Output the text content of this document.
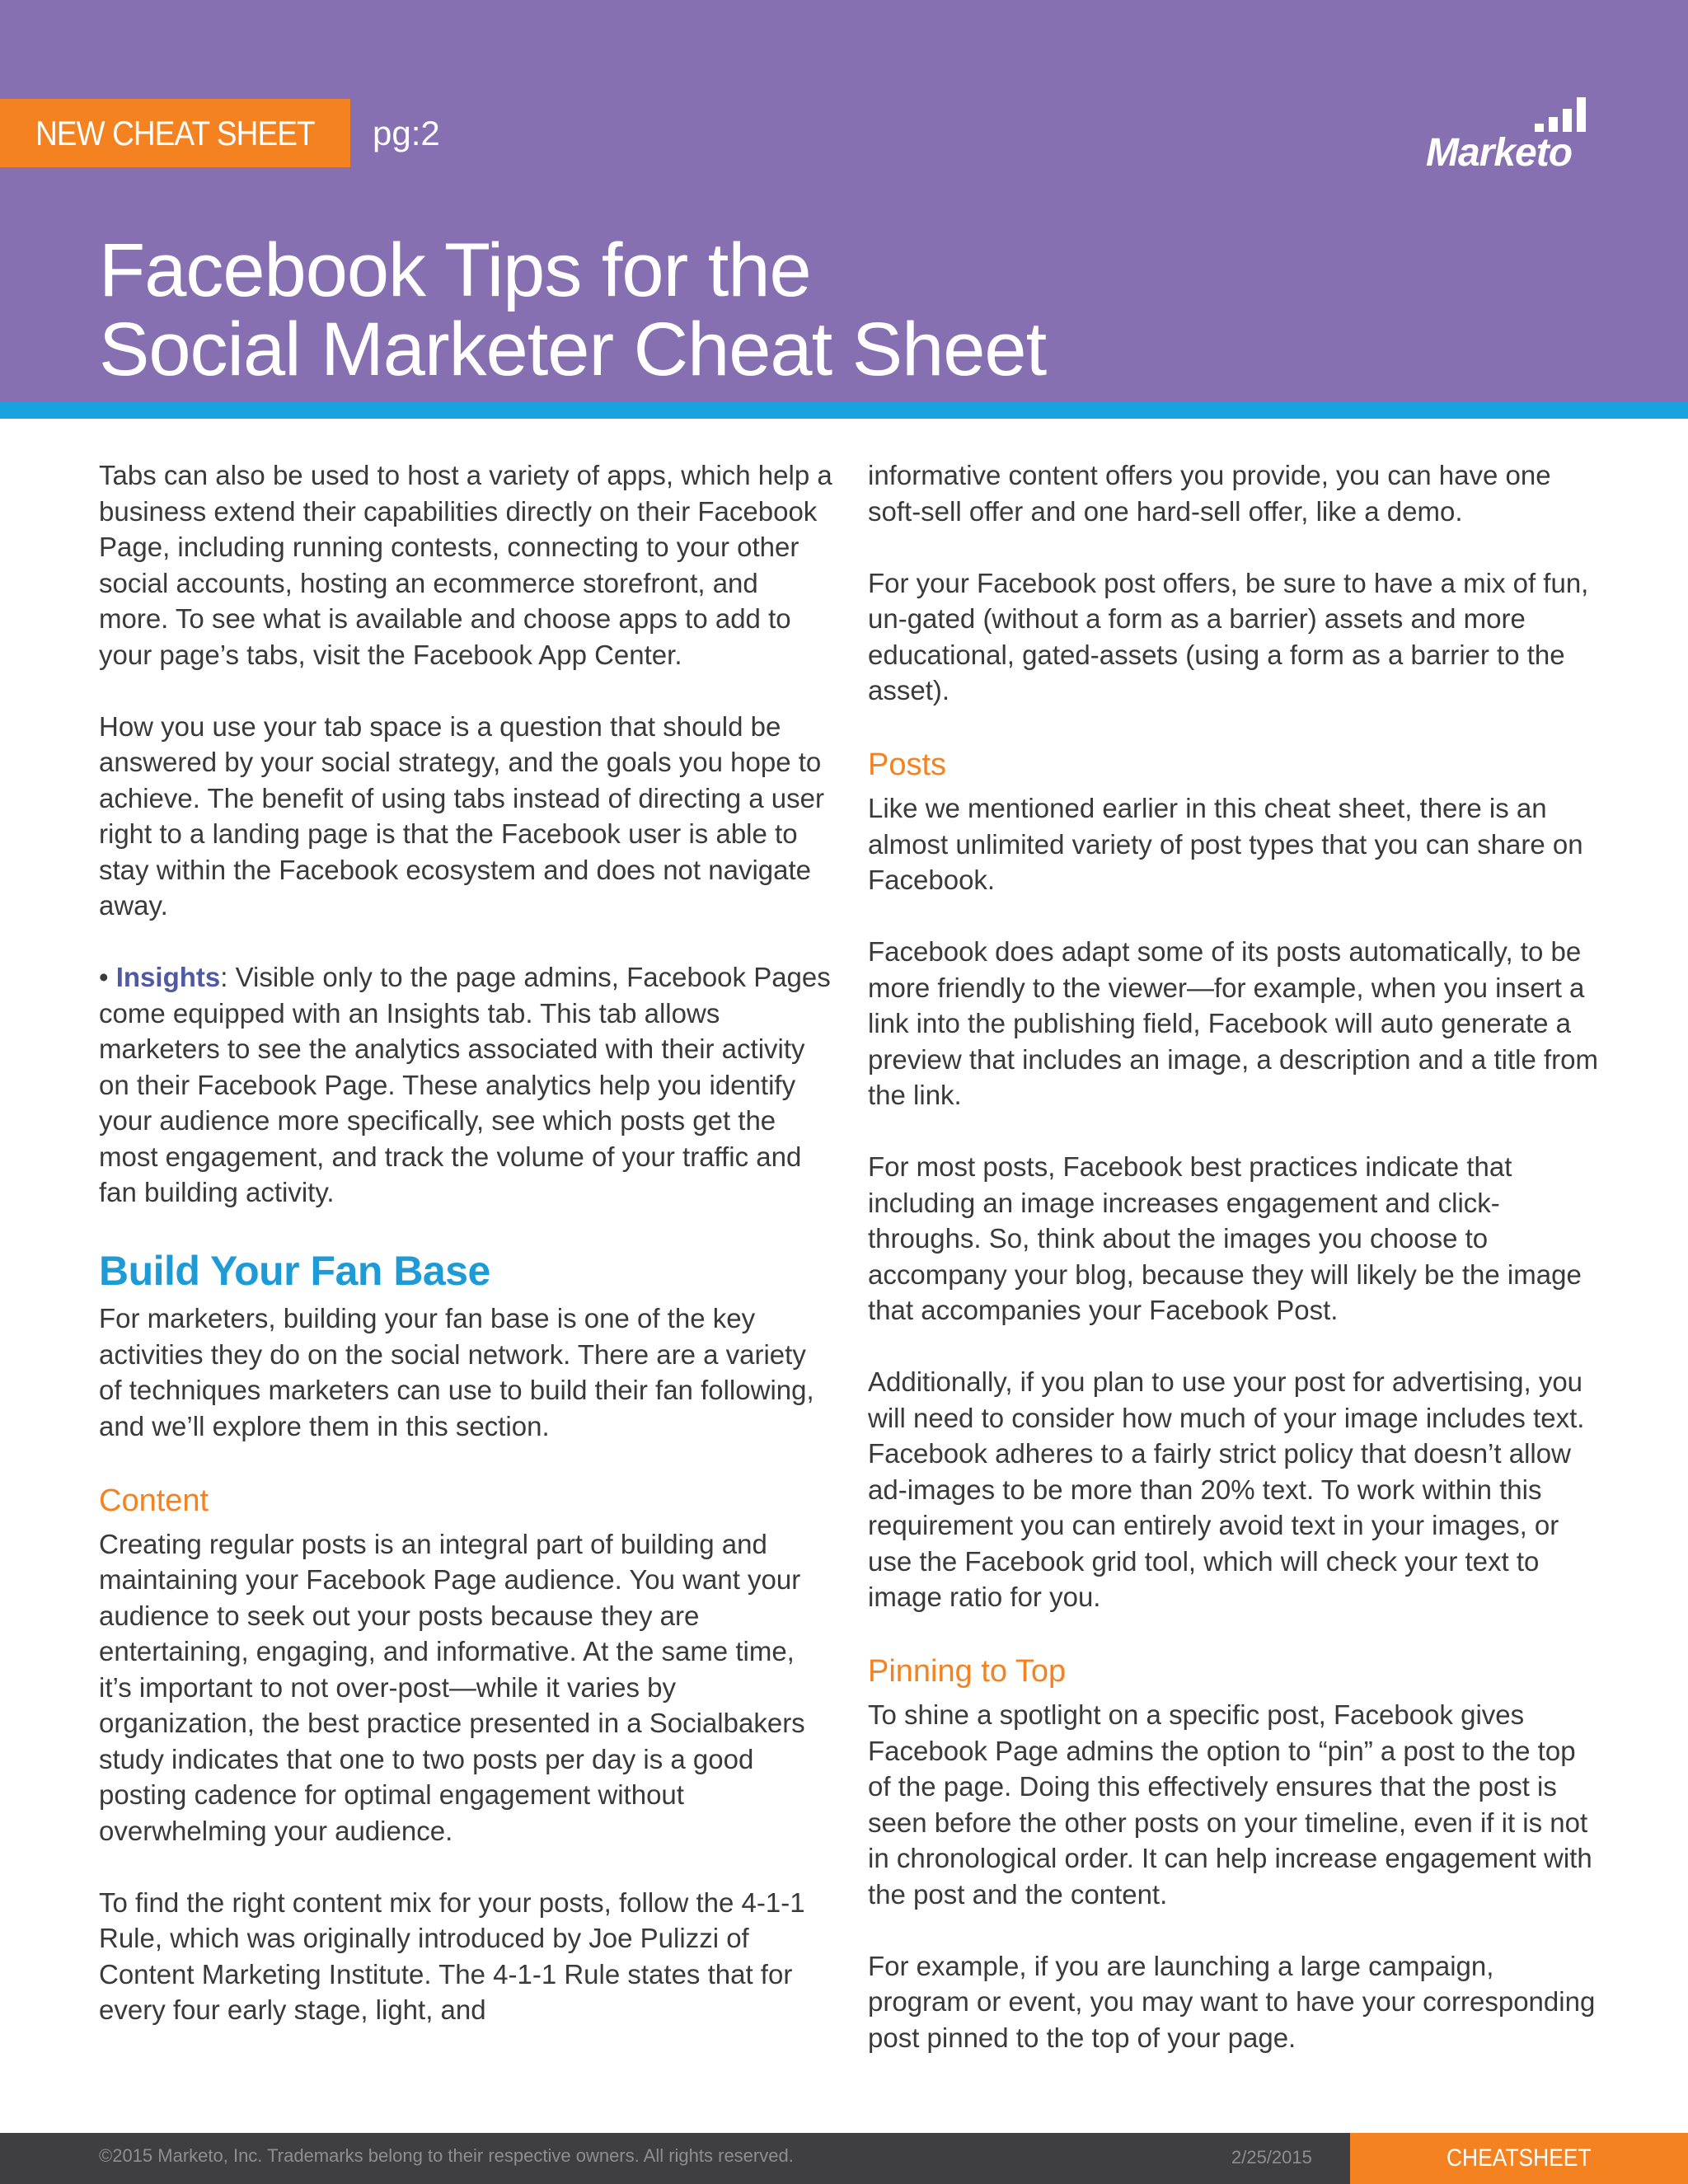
NEW CHEAT SHEET pg:2	Marketo
Facebook Tips for the
Social Marketer Cheat Sheet

Tabs can also be used to host a variety of apps, which help a business extend their capabilities directly on their Facebook Page, including running contests, connecting to your other social accounts, hosting an ecommerce storefront, and more. To see what is available and choose apps to add to your page’s tabs, visit the Facebook App Center.

How you use your tab space is a question that should be answered by your social strategy, and the goals you hope to achieve. The benefit of using tabs instead of directing a user right to a landing page is that the Facebook user is able to stay within the Facebook ecosystem and does not navigate away.

• Insights: Visible only to the page admins, Facebook Pages come equipped with an Insights tab. This tab allows marketers to see the analytics associated with their activity on their Facebook Page. These analytics help you identify your audience more specifically, see which posts get the most engagement, and track the volume of your traffic and fan building activity.

Build Your Fan Base

For marketers, building your fan base is one of the key activities they do on the social network. There are a variety of techniques marketers can use to build their fan following, and we’ll explore them in this section.

Content

Creating regular posts is an integral part of building and maintaining your Facebook Page audience. You want your audience to seek out your posts because they are entertaining, engaging, and informative. At the same time, it’s important to not over-post—while it varies by organization, the best practice presented in a Socialbakers study indicates that one to two posts per day is a good posting cadence for optimal engagement without overwhelming your audience.

To find the right content mix for your posts, follow the 4-1-1 Rule, which was originally introduced by Joe Pulizzi of Content Marketing Institute. The 4-1-1 Rule states that for every four early stage, light, and

informative content offers you provide, you can have one soft-sell offer and one hard-sell offer, like a demo.

For your Facebook post offers, be sure to have a mix of fun, un-gated (without a form as a barrier) assets and more educational, gated-assets (using a form as a barrier to the asset).

Posts

Like we mentioned earlier in this cheat sheet, there is an almost unlimited variety of post types that you can share on Facebook.

Facebook does adapt some of its posts automatically, to be more friendly to the viewer—for example, when you insert a link into the publishing field, Facebook will auto generate a preview that includes an image, a description and a title from the link.

For most posts, Facebook best practices indicate that including an image increases engagement and click-throughs. So, think about the images you choose to accompany your blog, because they will likely be the image that accompanies your Facebook Post.

Additionally, if you plan to use your post for advertising, you will need to consider how much of your image includes text. Facebook adheres to a fairly strict policy that doesn’t allow ad-images to be more than 20% text. To work within this requirement you can entirely avoid text in your images, or use the Facebook grid tool, which will check your text to image ratio for you.

Pinning to Top

To shine a spotlight on a specific post, Facebook gives Facebook Page admins the option to “pin” a post to the top of the page. Doing this effectively ensures that the post is seen before the other posts on your timeline, even if it is not in chronological order. It can help increase engagement with the post and the content.

For example, if you are launching a large campaign, program or event, you may want to have your corresponding post pinned to the top of your page.

©2015 Marketo, Inc. Trademarks belong to their respective owners. All rights reserved.	2/25/2015	CHEATSHEET
